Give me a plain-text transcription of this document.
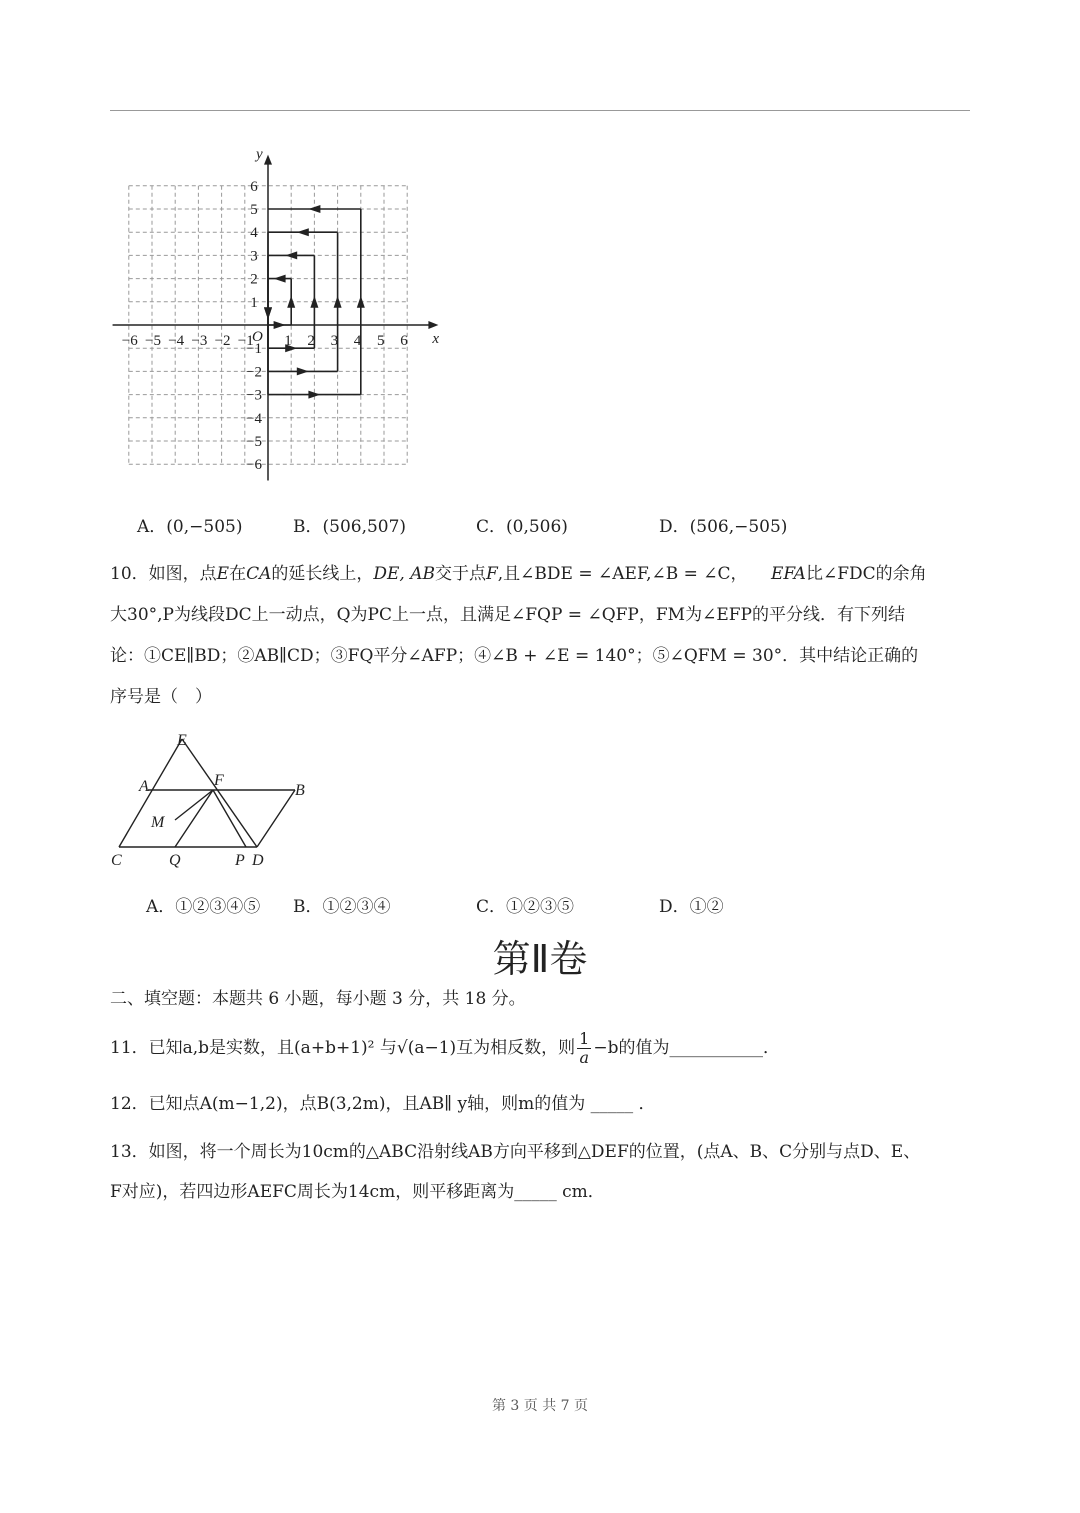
−6 −5 −4 −3 −2 −1 1 2 3 4 5 6
6
5
4
3
2
1
−1
−2
−3
−4
−5
−6
O	x
y
A．(0,−505)	B．(506,507)	C．(0,506)	D．(506,−505)
10．如图，点E在CA的延长线上，DE, AB交于点F,且∠BDE = ∠AEF,∠B = ∠C， EFA比∠FDC的余角
大30°,P为线段DC上一动点，Q为PC上一点，且满足∠FQP = ∠QFP，FM为∠EFP的平分线．有下列结
论：①CE∥BD；②AB∥CD；③FQ平分∠AFP；④∠B + ∠E = 140°；⑤∠QFM = 30°．其中结论正确的
序号是（　）
E
A	F
B
M
C	Q	P D
A．①②③④⑤ B．①②③④	C．①②③⑤	D．①②
第Ⅱ卷
二、填空题：本题共 6 小题，每小题 3 分，共 18 分。
11．已知a,b是实数，且(a+b+1)² 与√(a−1)互为相反数，则 $\frac{1}{a} -b$的值为___________．
12．已知点A(m−1,2)，点B(3,2m)，且AB∥ y轴，则m的值为 _____ ．
13．如图，将一个周长为10cm的△ABC沿射线AB方向平移到△DEF的位置，(点A、B、C分别与点D、E、
F对应)，若四边形AEFC周长为14cm，则平移距离为_____ cm．
第 3 页 共 7 页
